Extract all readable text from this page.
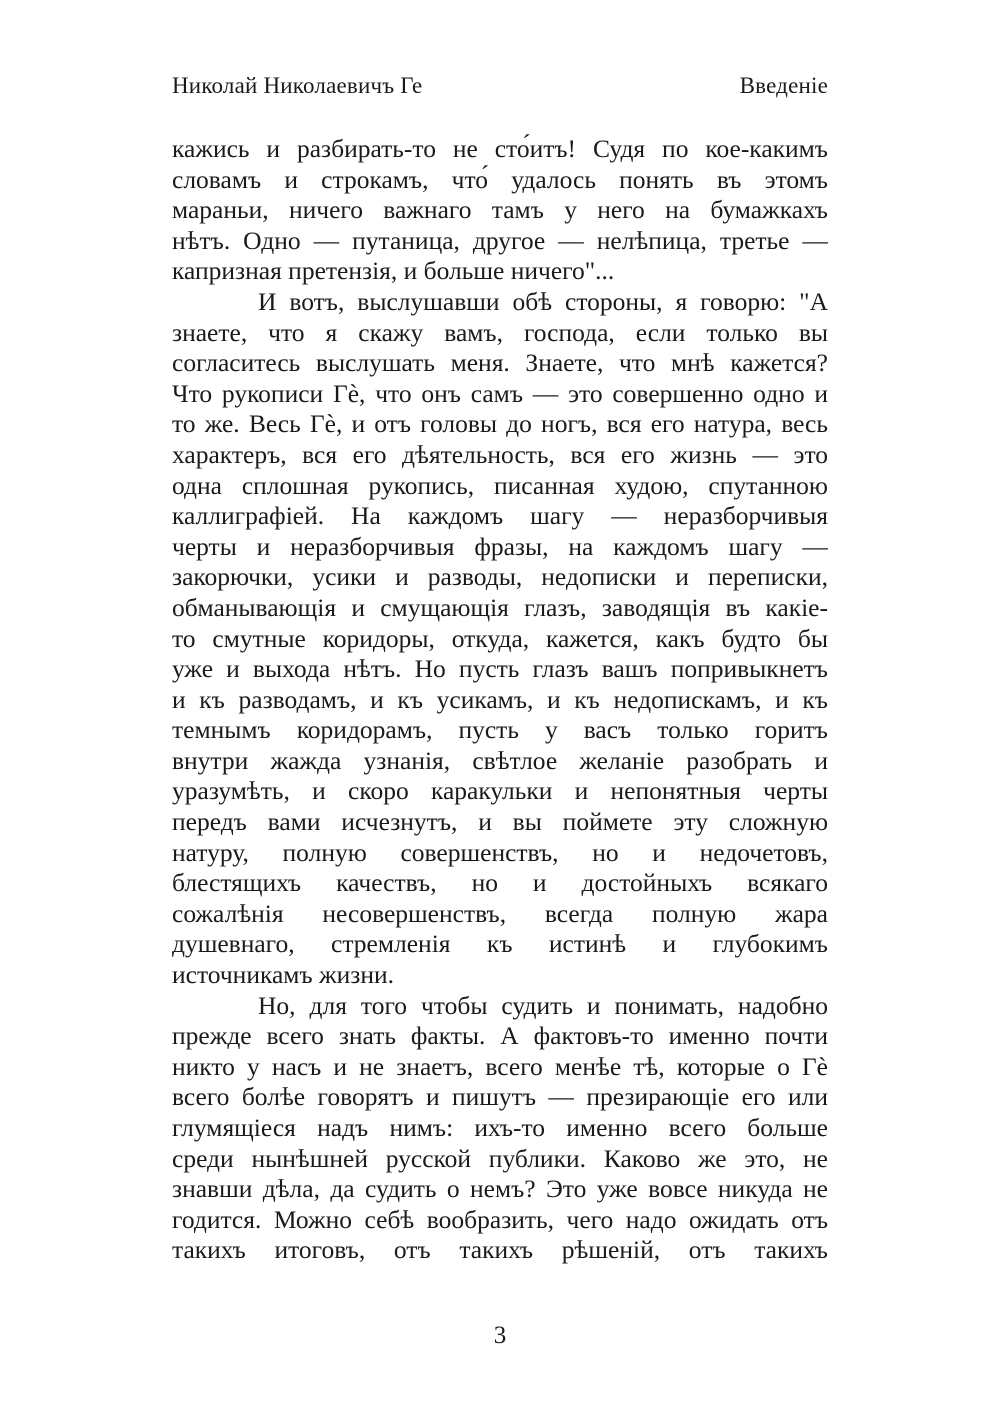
Николай Николаевичъ Ге	Введеніе

кажись и разбирать-то не сто́итъ! Судя по кое-какимъ
словамъ и строкамъ, что́ удалось понять въ этомъ
мараньи, ничего важнаго тамъ у него на бумажкахъ
нѣтъ. Одно — путаница, другое — нелѣпица, третье —
капризная претензія, и больше ничего"...

И вотъ, выслушавши обѣ стороны, я говорю: "А
знаете, что я скажу вамъ, господа, если только вы
согласитесь выслушать меня. Знаете, что мнѣ кажется?
Что рукописи Гè, что онъ самъ — это совершенно одно и
то же. Весь Гè, и отъ головы до ногъ, вся его натура, весь
характеръ, вся его дѣятельность, вся его жизнь — это
одна сплошная рукопись, писанная худою, спутанною
каллиграфіей. На каждомъ шагу — неразборчивыя
черты и неразборчивыя фразы, на каждомъ шагу —
закорючки, усики и разводы, недописки и переписки,
обманывающія и смущающія глазъ, заводящія въ какіе-
то смутные коридоры, откуда, кажется, какъ будто бы
уже и выхода нѣтъ. Но пусть глазъ вашъ попривыкнетъ
и къ разводамъ, и къ усикамъ, и къ недопискамъ, и къ
темнымъ коридорамъ, пусть у васъ только горитъ
внутри жажда узнанія, свѣтлое желаніе разобрать и
уразумѣть, и скоро каракульки и непонятныя черты
передъ вами исчезнутъ, и вы поймете эту сложную
натуру, полную совершенствъ, но и недочетовъ,
блестящихъ качествъ, но и достойныхъ всякаго
сожалѣнія несовершенствъ, всегда полную жара
душевнаго, стремленія къ истинѣ и глубокимъ
источникамъ жизни.

Но, для того чтобы судить и понимать, надобно
прежде всего знать факты. А фактовъ-то именно почти
никто у насъ и не знаетъ, всего менѣе тѣ, которые о Гè
всего болѣе говорятъ и пишутъ — презирающіе его или
глумящіеся надъ нимъ: ихъ-то именно всего больше
среди нынѣшней русской публики. Каково же это, не
знавши дѣла, да судить о немъ? Это уже вовсе никуда не
годится. Можно себѣ вообразить, чего надо ожидать отъ
такихъ итоговъ, отъ такихъ рѣшеній, отъ такихъ

3
